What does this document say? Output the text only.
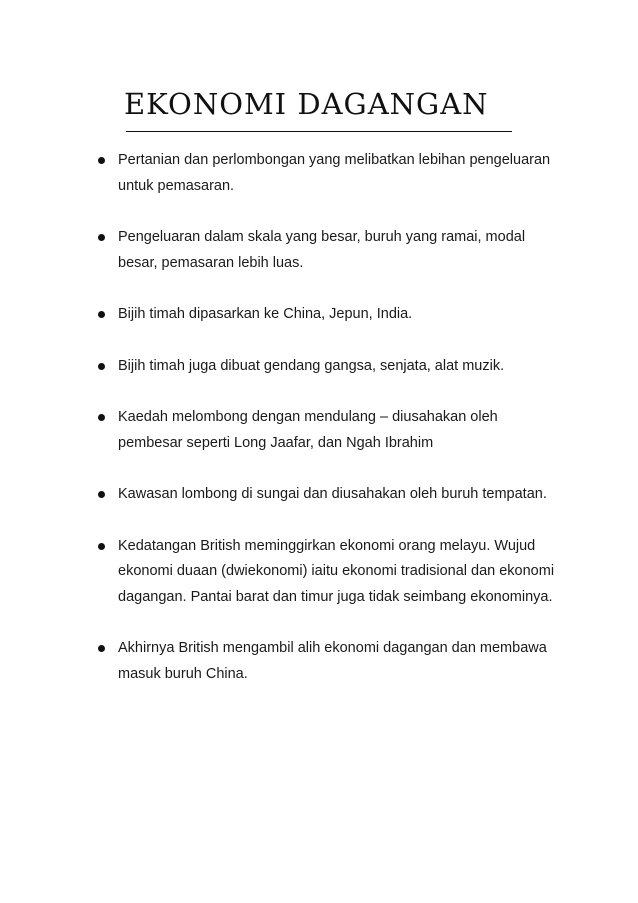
EKONOMI DAGANGAN
Pertanian dan perlombongan yang melibatkan lebihan pengeluaran untuk pemasaran.
Pengeluaran dalam skala yang besar, buruh yang ramai, modal besar, pemasaran lebih luas.
Bijih timah dipasarkan ke China, Jepun, India.
Bijih timah juga dibuat gendang gangsa, senjata, alat muzik.
Kaedah melombong dengan mendulang – diusahakan oleh pembesar seperti Long Jaafar, dan Ngah Ibrahim
Kawasan lombong di sungai dan diusahakan oleh buruh tempatan.
Kedatangan British meminggirkan ekonomi orang melayu. Wujud ekonomi duaan (dwiekonomi) iaitu ekonomi tradisional dan ekonomi dagangan. Pantai barat dan timur juga tidak seimbang ekonominya.
Akhirnya British mengambil alih ekonomi dagangan dan membawa masuk buruh China.
